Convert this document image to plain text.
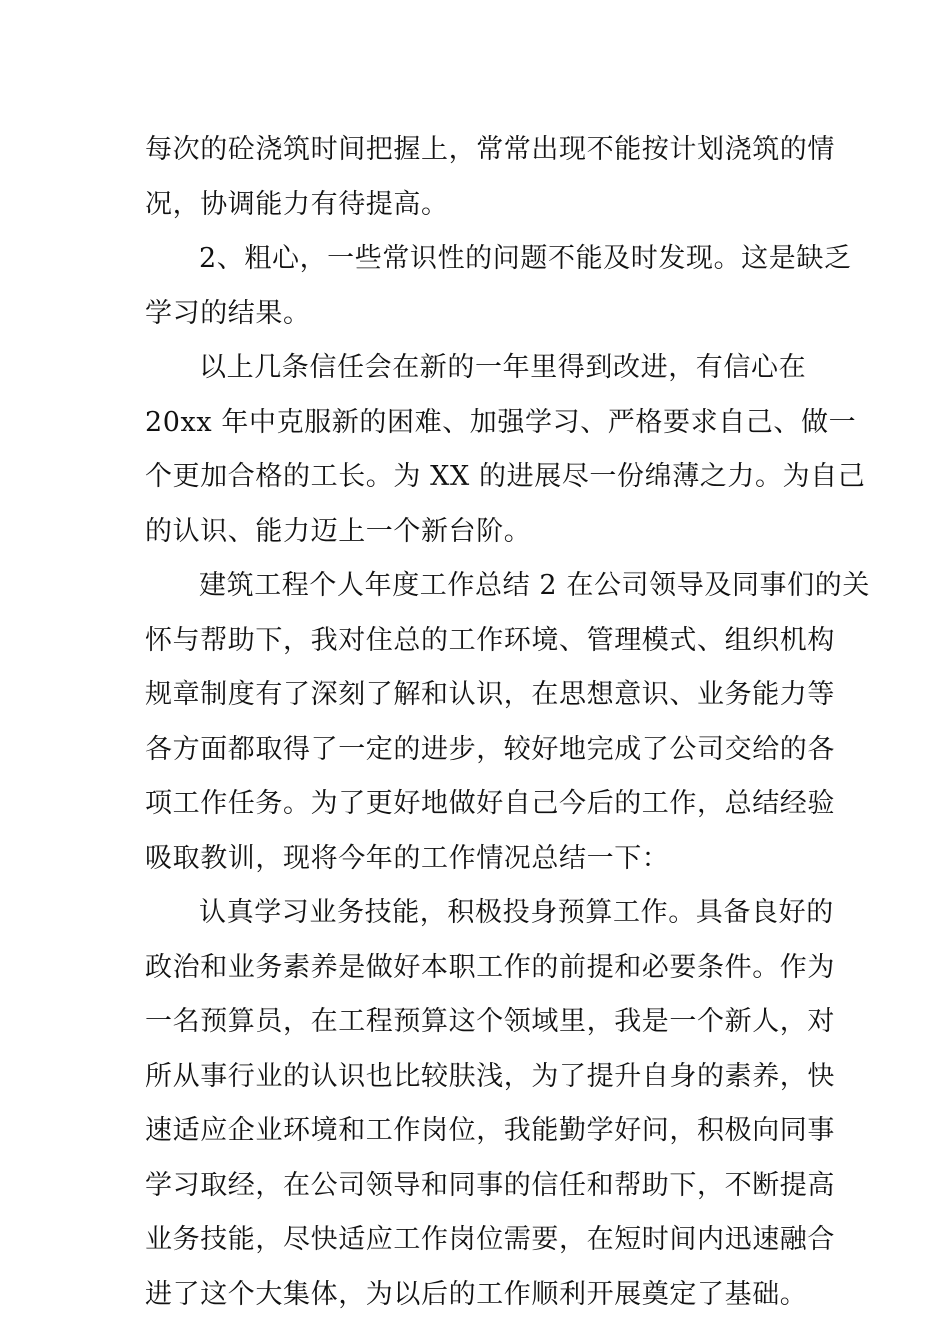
每次的砼浇筑时间把握上，常常出现不能按计划浇筑的情
况，协调能力有待提高。
2、粗心，一些常识性的问题不能及时发现。这是缺乏
学习的结果。
以上几条信任会在新的一年里得到改进，有信心在
20xx 年中克服新的困难、加强学习、严格要求自己、做一
个更加合格的工长。为 XX 的进展尽一份绵薄之力。为自己
的认识、能力迈上一个新台阶。
建筑工程个人年度工作总结 2 在公司领导及同事们的关
怀与帮助下，我对住总的工作环境、管理模式、组织机构
规章制度有了深刻了解和认识，在思想意识、业务能力等
各方面都取得了一定的进步，较好地完成了公司交给的各
项工作任务。为了更好地做好自己今后的工作，总结经验
吸取教训，现将今年的工作情况总结一下：
认真学习业务技能，积极投身预算工作。具备良好的
政治和业务素养是做好本职工作的前提和必要条件。作为
一名预算员，在工程预算这个领域里，我是一个新人，对
所从事行业的认识也比较肤浅，为了提升自身的素养，快
速适应企业环境和工作岗位，我能勤学好问，积极向同事
学习取经，在公司领导和同事的信任和帮助下，不断提高
业务技能，尽快适应工作岗位需要，在短时间内迅速融合
进了这个大集体，为以后的工作顺利开展奠定了基础。
